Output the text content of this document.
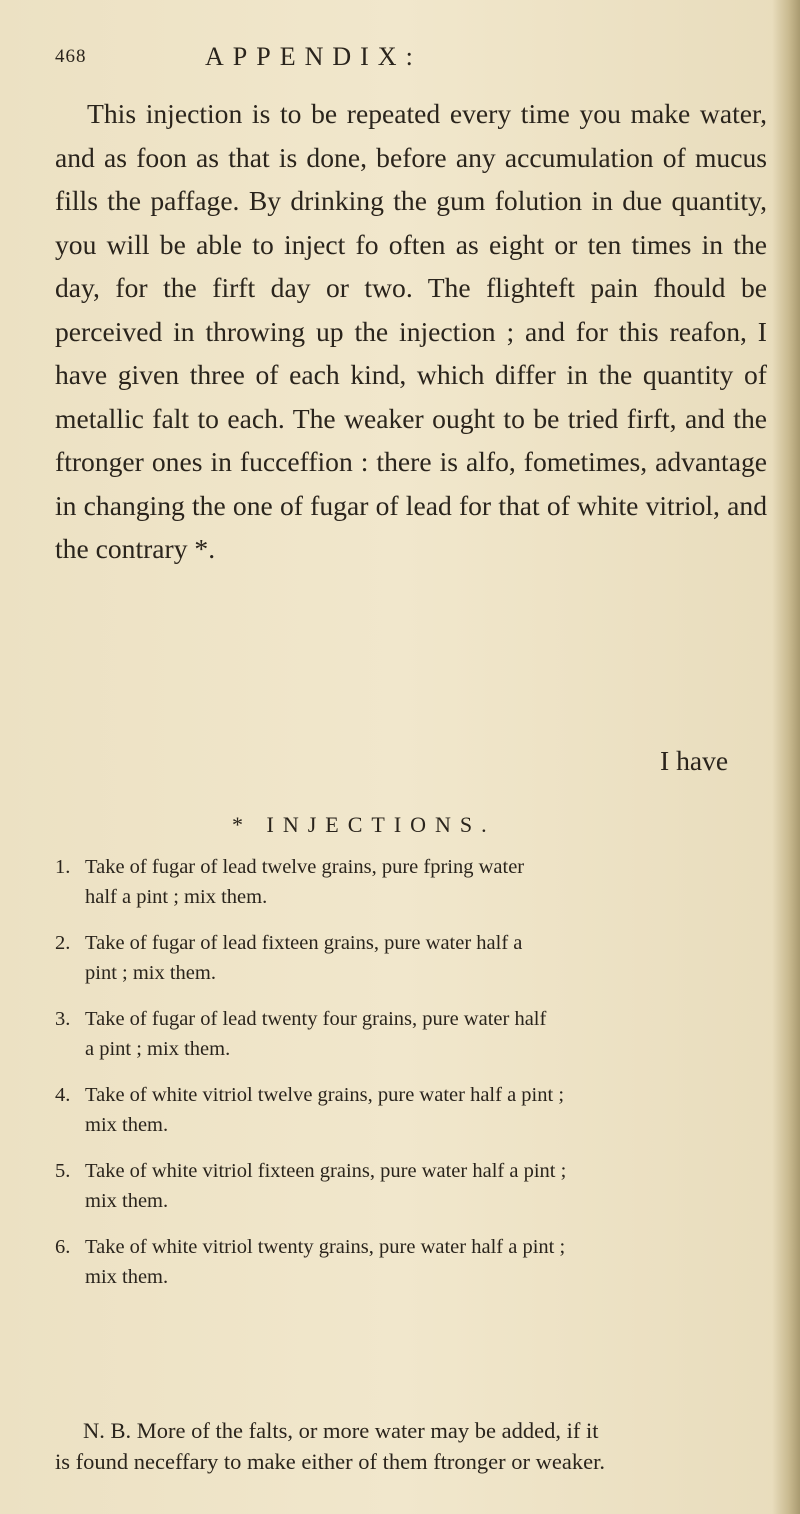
468	APPENDIX:

This injection is to be repeated every time you make water, and as foon as that is done, before any accumulation of mucus fills the paffage. By drinking the gum folution in due quantity, you will be able to inject fo often as eight or ten times in the day, for the firft day or two. The flighteft pain fhould be perceived in throwing up the injection ; and for this reafon, I have given three of each kind, which differ in the quantity of metallic falt to each. The weaker ought to be tried firft, and the ftronger ones in fucceffion : there is alfo, fometimes, advantage in changing the one of fugar of lead for that of white vitriol, and the contrary *.

I have
* INJECTIONS.
1. Take of fugar of lead twelve grains, pure fpring water
half a pint ; mix them.
2. Take of fugar of lead fixteen grains, pure water half a
pint ; mix them.
3. Take of fugar of lead twenty four grains, pure water half
a pint ; mix them.
4. Take of white vitriol twelve grains, pure water half a pint ;
mix them.
5. Take of white vitriol fixteen grains, pure water half a pint ;
mix them.
6. Take of white vitriol twenty grains, pure water half a pint ;
mix them.
N. B. More of the falts, or more water may be added, if it
is found neceffary to make either of them ftronger or weaker.
